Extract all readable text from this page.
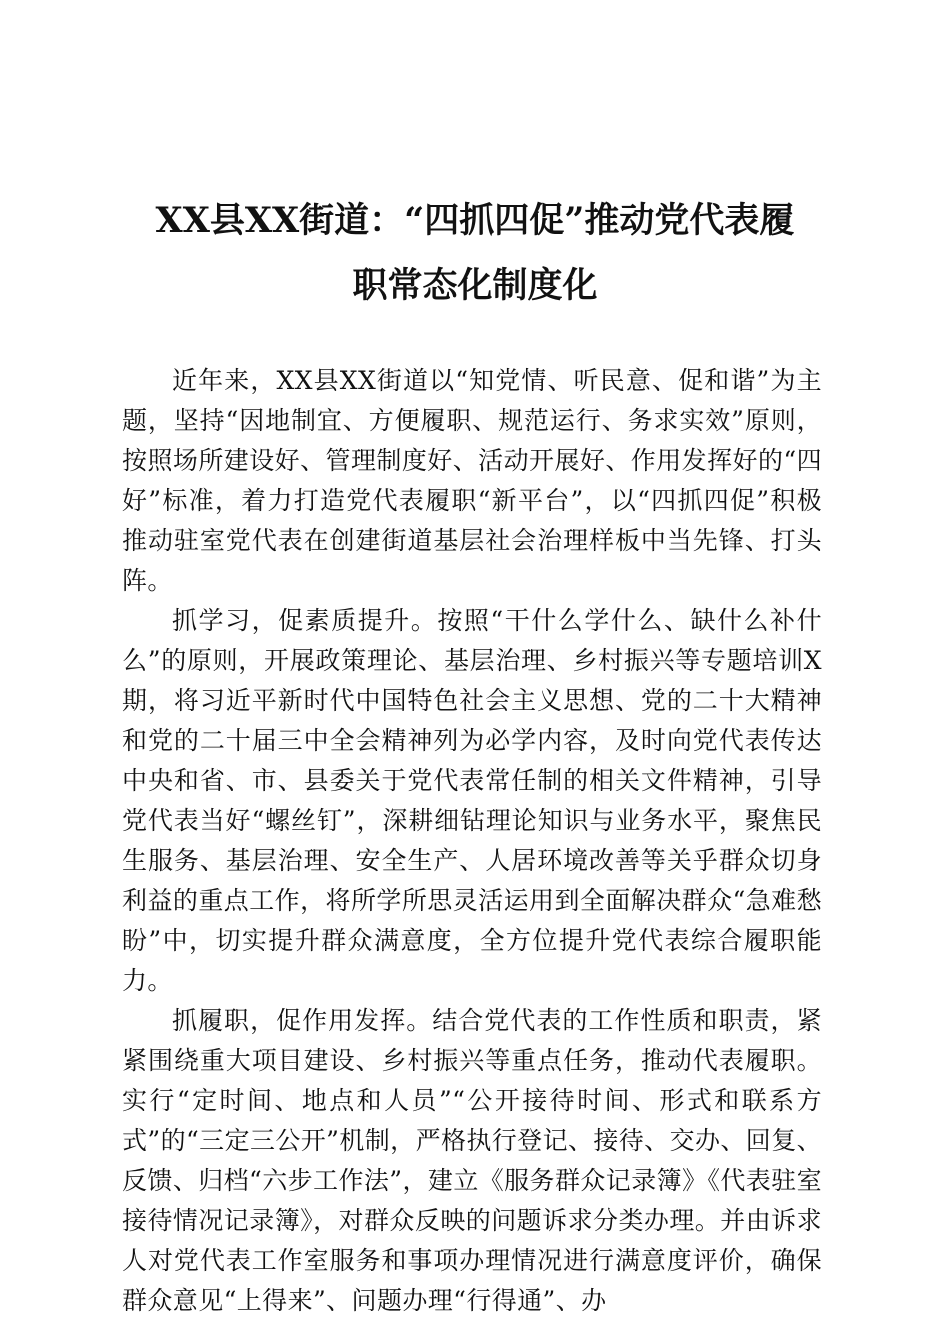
XX县XX街道：“四抓四促”推动党代表履
职常态化制度化

近年来，XX县XX街道以“知党情、听民意、促和谐”为主题，坚持“因地制宜、方便履职、规范运行、务求实效”原则，按照场所建设好、管理制度好、活动开展好、作用发挥好的“四好”标准，着力打造党代表履职“新平台”，以“四抓四促”积极推动驻室党代表在创建街道基层社会治理样板中当先锋、打头阵。

抓学习，促素质提升。按照“干什么学什么、缺什么补什么”的原则，开展政策理论、基层治理、乡村振兴等专题培训X期，将习近平新时代中国特色社会主义思想、党的二十大精神和党的二十届三中全会精神列为必学内容，及时向党代表传达中央和省、市、县委关于党代表常任制的相关文件精神，引导党代表当好“螺丝钉”，深耕细钻理论知识与业务水平，聚焦民生服务、基层治理、安全生产、人居环境改善等关乎群众切身利益的重点工作，将所学所思灵活运用到全面解决群众“急难愁盼”中，切实提升群众满意度，全方位提升党代表综合履职能力。

抓履职，促作用发挥。结合党代表的工作性质和职责，紧紧围绕重大项目建设、乡村振兴等重点任务，推动代表履职。实行“定时间、地点和人员”“公开接待时间、形式和联系方式”的“三定三公开”机制，严格执行登记、接待、交办、回复、反馈、归档“六步工作法”，建立《服务群众记录簿》《代表驻室接待情况记录簿》，对群众反映的问题诉求分类办理。并由诉求人对党代表工作室服务和事项办理情况进行满意度评价，确保群众意见“上得来”、问题办理“行得通”、办
